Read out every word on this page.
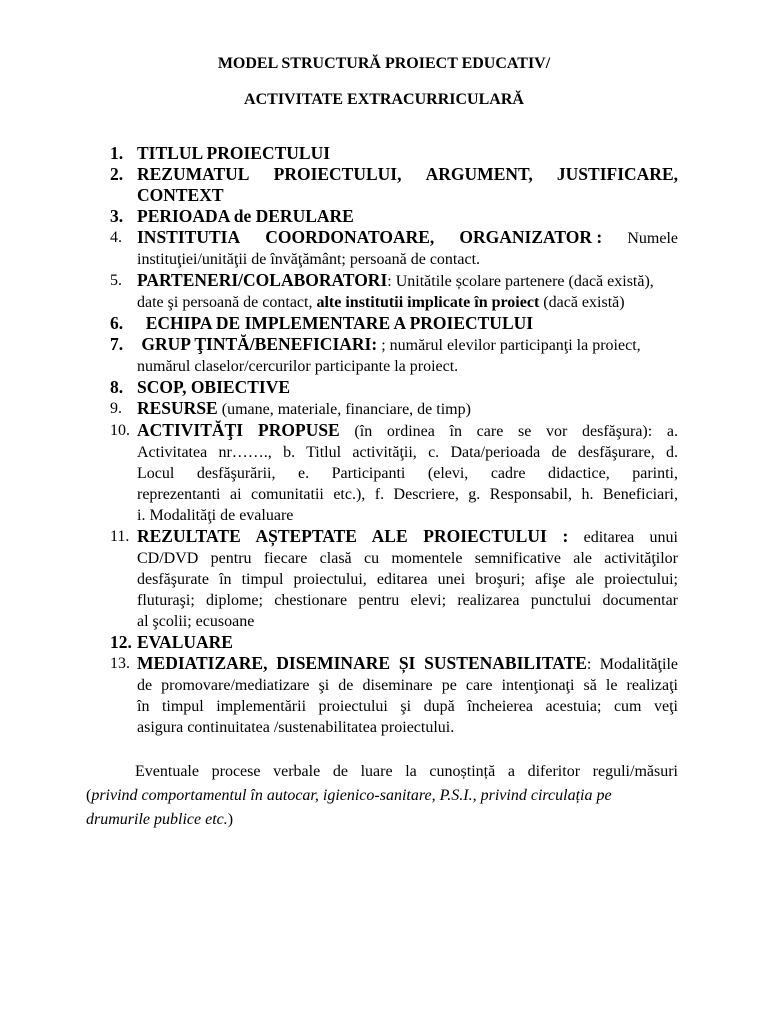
MODEL STRUCTURĂ PROIECT EDUCATIV/
ACTIVITATE EXTRACURRICULARĂ
1. TITLUL PROIECTULUI
2. REZUMATUL PROIECTULUI, ARGUMENT, JUSTIFICARE,
CONTEXT
3. PERIOADA de DERULARE
4. INSTITUTIA COORDONATOARE, ORGANIZATOR : Numele
instituţiei/unităţii de învăţământ; persoană de contact.
5. PARTENERI/COLABORATORI: Unitătile școlare partenere (dacă există),
date şi persoană de contact, alte institutii implicate în proiect (dacă există)
6. ECHIPA DE IMPLEMENTARE A PROIECTULUI
7. GRUP ŢINTĂ/BENEFICIARI: ; numărul elevilor participanţi la proiect,
numărul claselor/cercurilor participante la proiect.
8. SCOP, OBIECTIVE
9. RESURSE (umane, materiale, financiare, de timp)
10. ACTIVITĂŢI PROPUSE (în ordinea în care se vor desfăşura): a.
Activitatea nr……., b. Titlul activităţii, c. Data/perioada de desfăşurare, d.
Locul desfăşurării, e. Participanti (elevi, cadre didactice, parinti,
reprezentanti ai comunitatii etc.), f. Descriere, g. Responsabil, h. Beneficiari,
i. Modalităţi de evaluare
11. REZULTATE AȘTEPTATE ALE PROIECTULUI : editarea unui
CD/DVD pentru fiecare clasă cu momentele semnificative ale activităţilor
desfăşurate în timpul proiectului, editarea unei broşuri; afişe ale proiectului;
fluturaşi; diplome; chestionare pentru elevi; realizarea punctului documentar
al şcolii; ecusoane
12. EVALUARE
13. MEDIATIZARE, DISEMINARE ȘI SUSTENABILITATE: Modalităţile
de promovare/mediatizare şi de diseminare pe care intenţionaţi să le realizaţi
în timpul implementării proiectului şi după încheierea acestuia; cum veţi
asigura continuitatea /sustenabilitatea proiectului.
Eventuale procese verbale de luare la cunoștință a diferitor reguli/măsuri
(privind comportamentul în autocar, igienico-sanitare, P.S.I., privind circulația pe drumurile publice etc.)
